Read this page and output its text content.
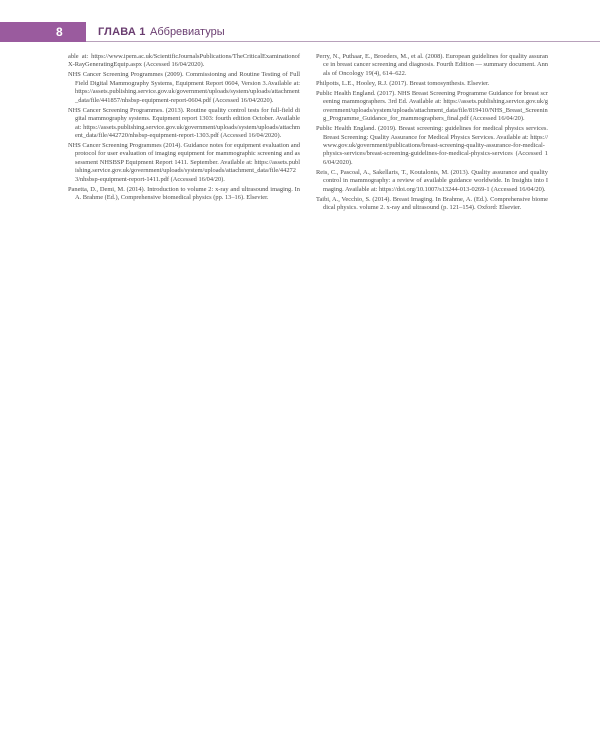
8	ГЛАВА 1 Аббревиатуры

able at: https://www.ipem.ac.uk/ScientificJournalsPublications/TheCriticalExaminationofX-RayGeneratingEquip.aspx (Accessed 16/04/2020).

NHS Cancer Screening Programmes (2009). Commissioning and Routine Testing of Full Field Digital Mammography Systems, Equipment Report 0604, Version 3.Available at: https://assets.publishing.service.gov.uk/government/uploads/system/uploads/attachment_data/file/441857/nhsbsp-equipment-report-0604.pdf (Accessed 16/04/2020).

NHS Cancer Screening Programmes. (2013). Routine quality control tests for full-field digital mammography systems. Equipment report 1303: fourth edition October. Available at: https://assets.publishing.service.gov.uk/government/uploads/system/uploads/attachment_data/file/442720/nhsbsp-equipment-report-1303.pdf (Accessed 16/04/2020).

NHS Cancer Screening Programmes (2014). Guidance notes for equipment evaluation and protocol for user evaluation of imaging equipment for mammographic screening and assessment NHSBSP Equipment Report 1411. September. Available at: https://assets.publishing.service.gov.uk/government/uploads/system/uploads/attachment_data/file/442723/nhsbsp-equipment-report-1411.pdf (Accessed 16/04/20).

Panetta, D., Demi, M. (2014). Introduction to volume 2: x-ray and ultrasound imaging. In A. Brahme (Ed.), Comprehensive biomedical physics (pp. 13–16). Elsevier.

Perry, N., Puthaar, E., Broeders, M., et al. (2008). European guidelines for quality assurance in breast cancer screening and diagnosis. Fourth Edition — summary document. Annals of Oncology 19(4), 614–622.

Philpotts, L.E., Hooley, R.J. (2017). Breast tomosynthesis. Elsevier.

Public Health England. (2017). NHS Breast Screening Programme Guidance for breast screening mammographers. 3rd Ed. Available at: https://assets.publishing.service.gov.uk/government/uploads/system/uploads/attachment_data/file/819410/NHS_Breast_Screening_Programme_Guidance_for_mammographers_final.pdf (Accessed 16/04/20).

Public Health England. (2019). Breast screening: guidelines for medical physics services. Breast Screening: Quality Assurance for Medical Physics Services. Available at: https://www.gov.uk/government/publications/breast-screening-quality-assurance-for-medical-physics-services/breast-screening-guidelines-for-medical-physics-services (Accessed 16/04/2020).

Reis, C., Pascoal, A., Sakellaris, T., Koutalonis, M. (2013). Quality assurance and quality control in mammography: a review of available guidance worldwide. In Insights into Imaging. Available at: https://doi.org/10.1007/s13244-013-0269-1 (Accessed 16/04/20).

Taibi, A., Vecchio, S. (2014). Breast Imaging. In Brahme, A. (Ed.). Comprehensive biomedical physics. volume 2. x-ray and ultrasound (p. 121–154). Oxford: Elsevier.
